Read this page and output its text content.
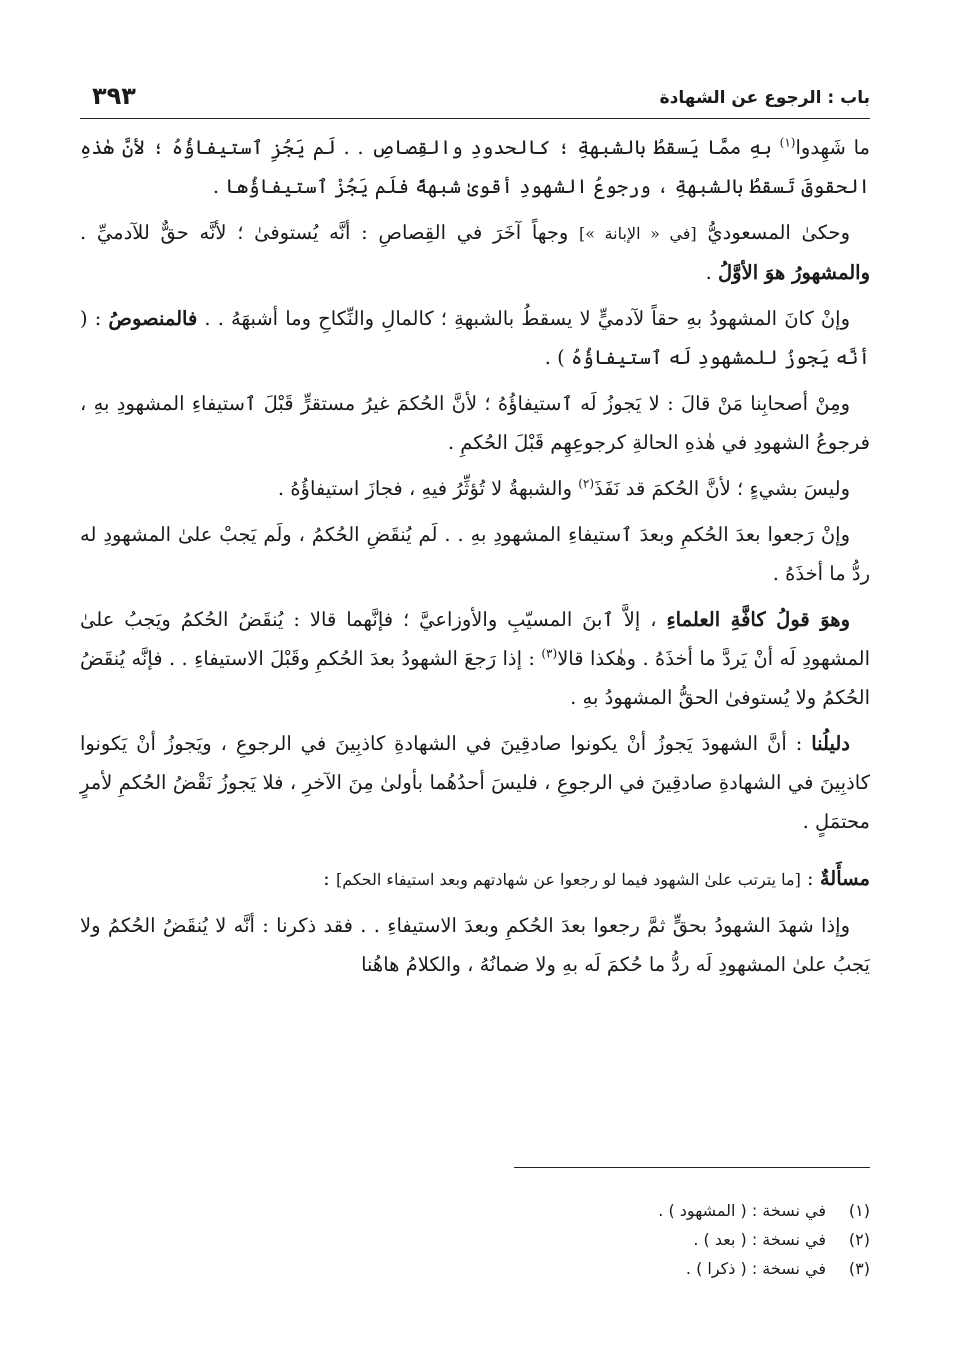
باب : الرجوع عن الشهادة
٣٩٣

ما شَهِدوا$^{(١)}$ بهِ ممَّا يَسقطُ بالشبهةِ ؛ كالحدودِ والقِصاصِ . . لَم يَجُزِ ٱستيفاؤُهُ ؛ لأنَّ هٰذهِ الحقوقَ تَسقطُ بالشبهةِ ، ورجوعُ الشهودِ أقوىٰ شبهةً فلَم يَجُزْ ٱستيفاؤُها .

وحكىٰ المسعوديُّ [في « الإبانة »] وجهاً آخَرَ في القِصاصِ : أنَّه يُستوفىٰ ؛ لأنَّه حقٌّ للآدميِّ . والمشهورُ هوَ الأوَّلُ .

وإنْ كانَ المشهودُ بهِ حقاً لآدميٍّ لا يسقطُ بالشبهةِ ؛ كالمالِ والنِّكاحِ وما أشبهَهُ . . فالمنصوصُ : ( أنَّه يَجوزُ للمشهودِ لَه ٱستيفاؤُهُ ) .

ومِنْ أصحابِنا مَنْ قالَ : لا يَجوزُ لَه ٱستيفاؤُهُ ؛ لأنَّ الحُكمَ غيرُ مستقرٍّ قَبْلَ ٱستيفاءِ المشهودِ بهِ ، فرجوعُ الشهودِ في هٰذهِ الحالةِ كرجوعِهِم قَبْلَ الحُكمِ .

وليسَ بشيءٍ ؛ لأنَّ الحُكمَ قد نَفَذَ$^{(٢)}$ والشبهةُ لا تُؤثِّرُ فيهِ ، فجازَ استيفاؤُهُ .

وإنْ رَجعوا بعدَ الحُكمِ وبعدَ ٱستيفاءِ المشهودِ بهِ . . لَم يُنقَضِ الحُكمُ ، ولَم يَجبْ علىٰ المشهودِ له ردُّ ما أخذَهُ .

وهوَ قولُ كافَّةِ العلماءِ ، إلاَّ ٱبنَ المسيّبِ والأوزاعيَّ ؛ فإنَّهما قالا : يُنقَضُ الحُكمُ ويَجبُ علىٰ المشهودِ لَه أنْ يَردَّ ما أخذَهُ . وهٰكذا قالا$^{(٣)}$ : إذا رَجعَ الشهودُ بعدَ الحُكمِ وقَبْلَ الاستيفاءِ . . فإنَّه يُنقَضُ الحُكمُ ولا يُستوفىٰ الحقُّ المشهودُ بهِ .

دليلُنا : أنَّ الشهودَ يَجوزُ أنْ يكونوا صادقِينَ في الشهادةِ كاذبِينَ في الرجوعِ ، ويَجوزُ أنْ يَكونوا كاذبِينَ في الشهادةِ صادقِينَ في الرجوعِ ، فليسَ أحدُهُما بأولىٰ مِنَ الآخرِ ، فلا يَجوزُ نَقْضُ الحُكمِ لأمرٍ محتمَلٍ .

مسأَلةٌ : [ما يترتب علىٰ الشهود فيما لو رجعوا عن شهادتهم وبعد استيفاء الحكم] :

وإذا شهدَ الشهودُ بحقٍّ ثمَّ رجعوا بعدَ الحُكمِ وبعدَ الاستيفاءِ . . فقد ذكرنا : أنَّه لا يُنقَضُ الحُكمُ ولا يَجبُ علىٰ المشهودِ لَه ردُّ ما حُكمَ لَه بهِ ولا ضمانُهُ ، والكلامُ هاهُنا

(١)
في نسخة : ( المشهود ) .
(٢)
في نسخة : ( بعد ) .
(٣)
في نسخة : ( ذكرا ) .
